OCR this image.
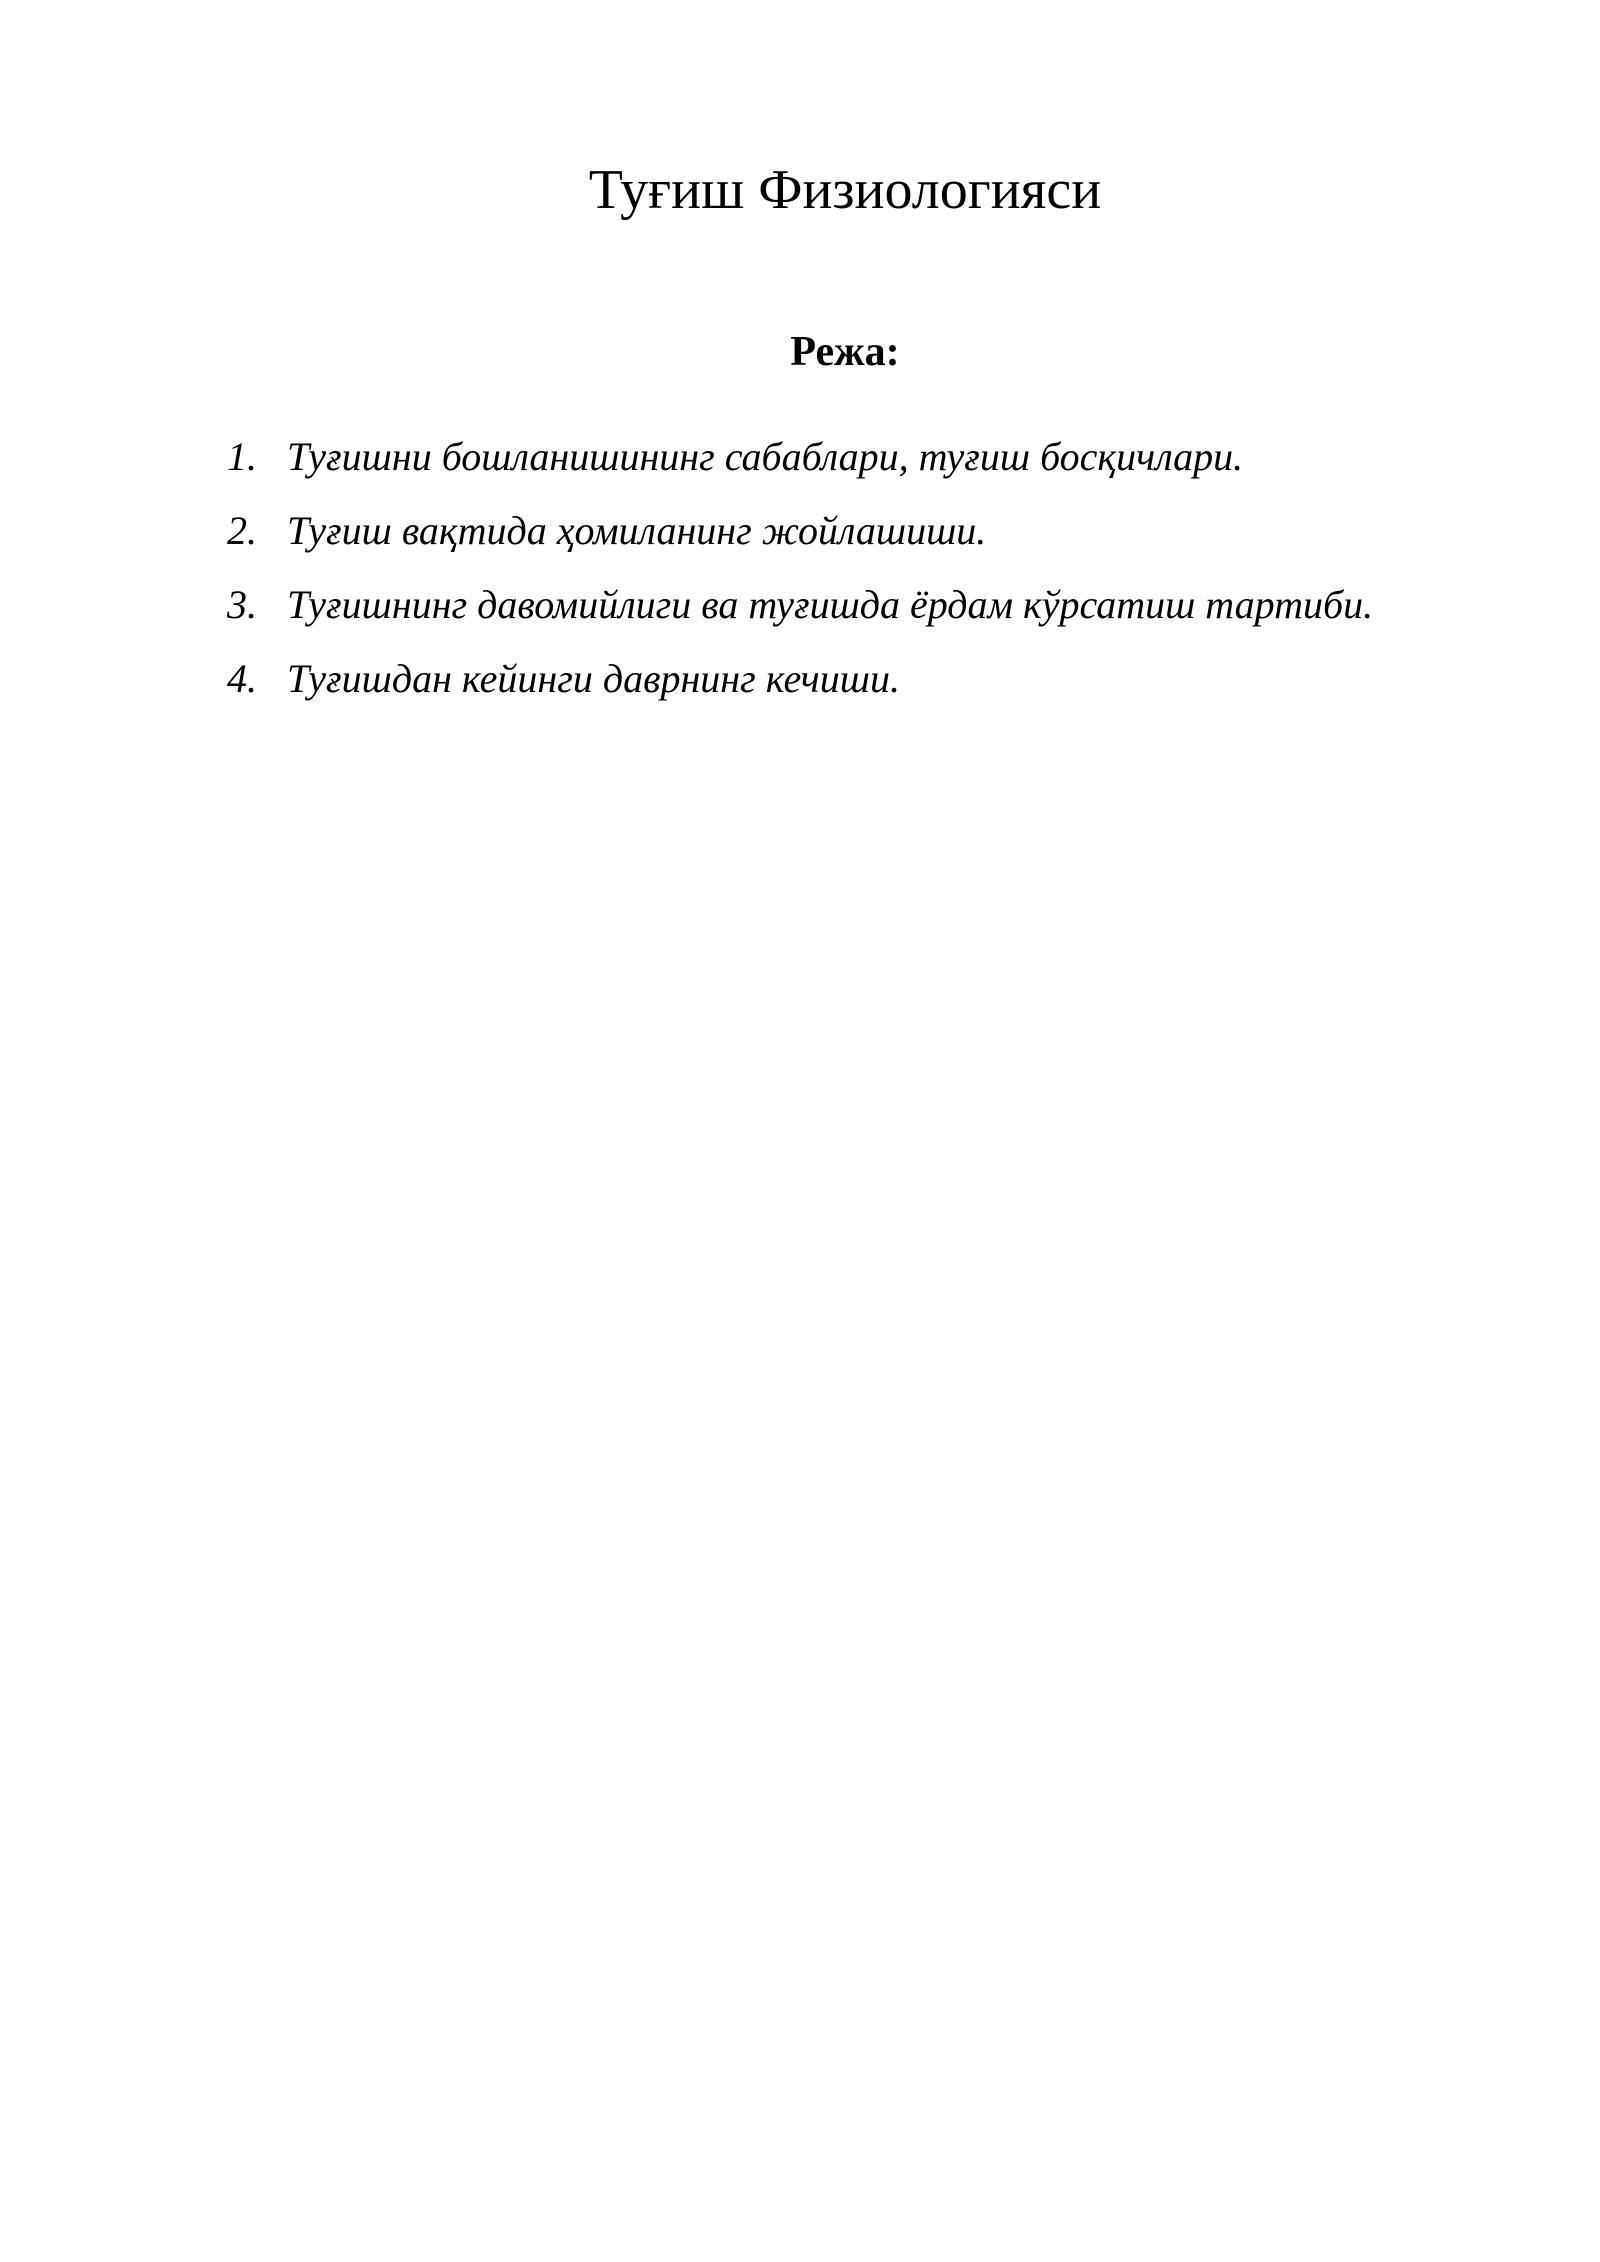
Туғиш Физиологияси
Режа:
1. Туғишни бошланишининг сабаблари, туғиш босқичлари.
2. Туғиш вақтида ҳомиланинг жойлашиши.
3. Туғишнинг давомийлиги ва туғишда ёрдам кўрсатиш тартиби.
4. Туғишдан кейинги даврнинг кечиши.
